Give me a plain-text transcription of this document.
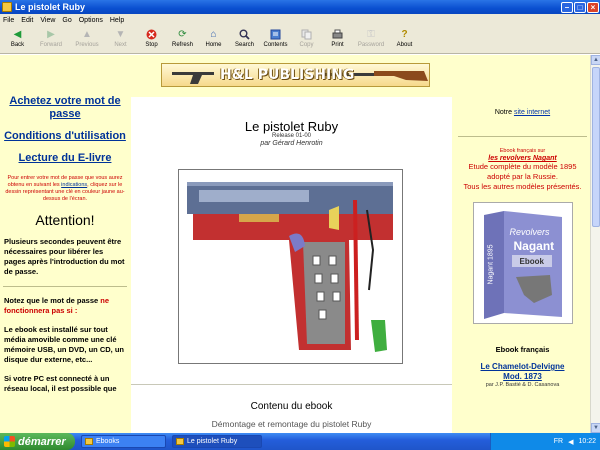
Le pistolet Ruby	–	□	×
File Edit View Go Options Help
◀
Back
▶
Forward
▲
Previous
▼
Next	Stop
⟳
Refresh
⌂
Home Search Contents Copy	Print
⚿
Password
?
About
H&L PUBLISHING
Achetez votre mot de passe
Conditions d'utilisation
Lecture du E-livre
Pour entrer votre mot de passe que vous aurez obtenu en suivant les indications, cliquez sur le dessin représentant une clé en couleur jaune au-dessus de l'écran.
Attention!
Plusieurs secondes peuvent être nécessaires pour libérer les pages après l'introduction du mot de passe.
Notez que le mot de passe ne fonctionnera pas si :
Le ebook est installé sur tout média amovible comme une clé mémoire USB, un DVD, un CD, un disque dur externe, etc...
Si votre PC est connecté à un réseau local, il est possible que
Le pistolet Ruby
Release 01-00
par Gérard Henrotin
Contenu du ebook
Démontage et remontage du pistolet Ruby
Notre site internet
Ebook français sur
les revolvers Nagant
Etude complète du modèle 1895
adopté par la Russie.
Tous les autres modèles présentés.
Revolvers
Nagant
Ebook
Nagant 1895
Ebook français
Le Chamelot-Delvigne
Mod. 1873
par J.P. Bastié & D. Casanova
▲
▼
démarrer	Ebooks	Le pistolet Ruby	FR ◀ 10:22
